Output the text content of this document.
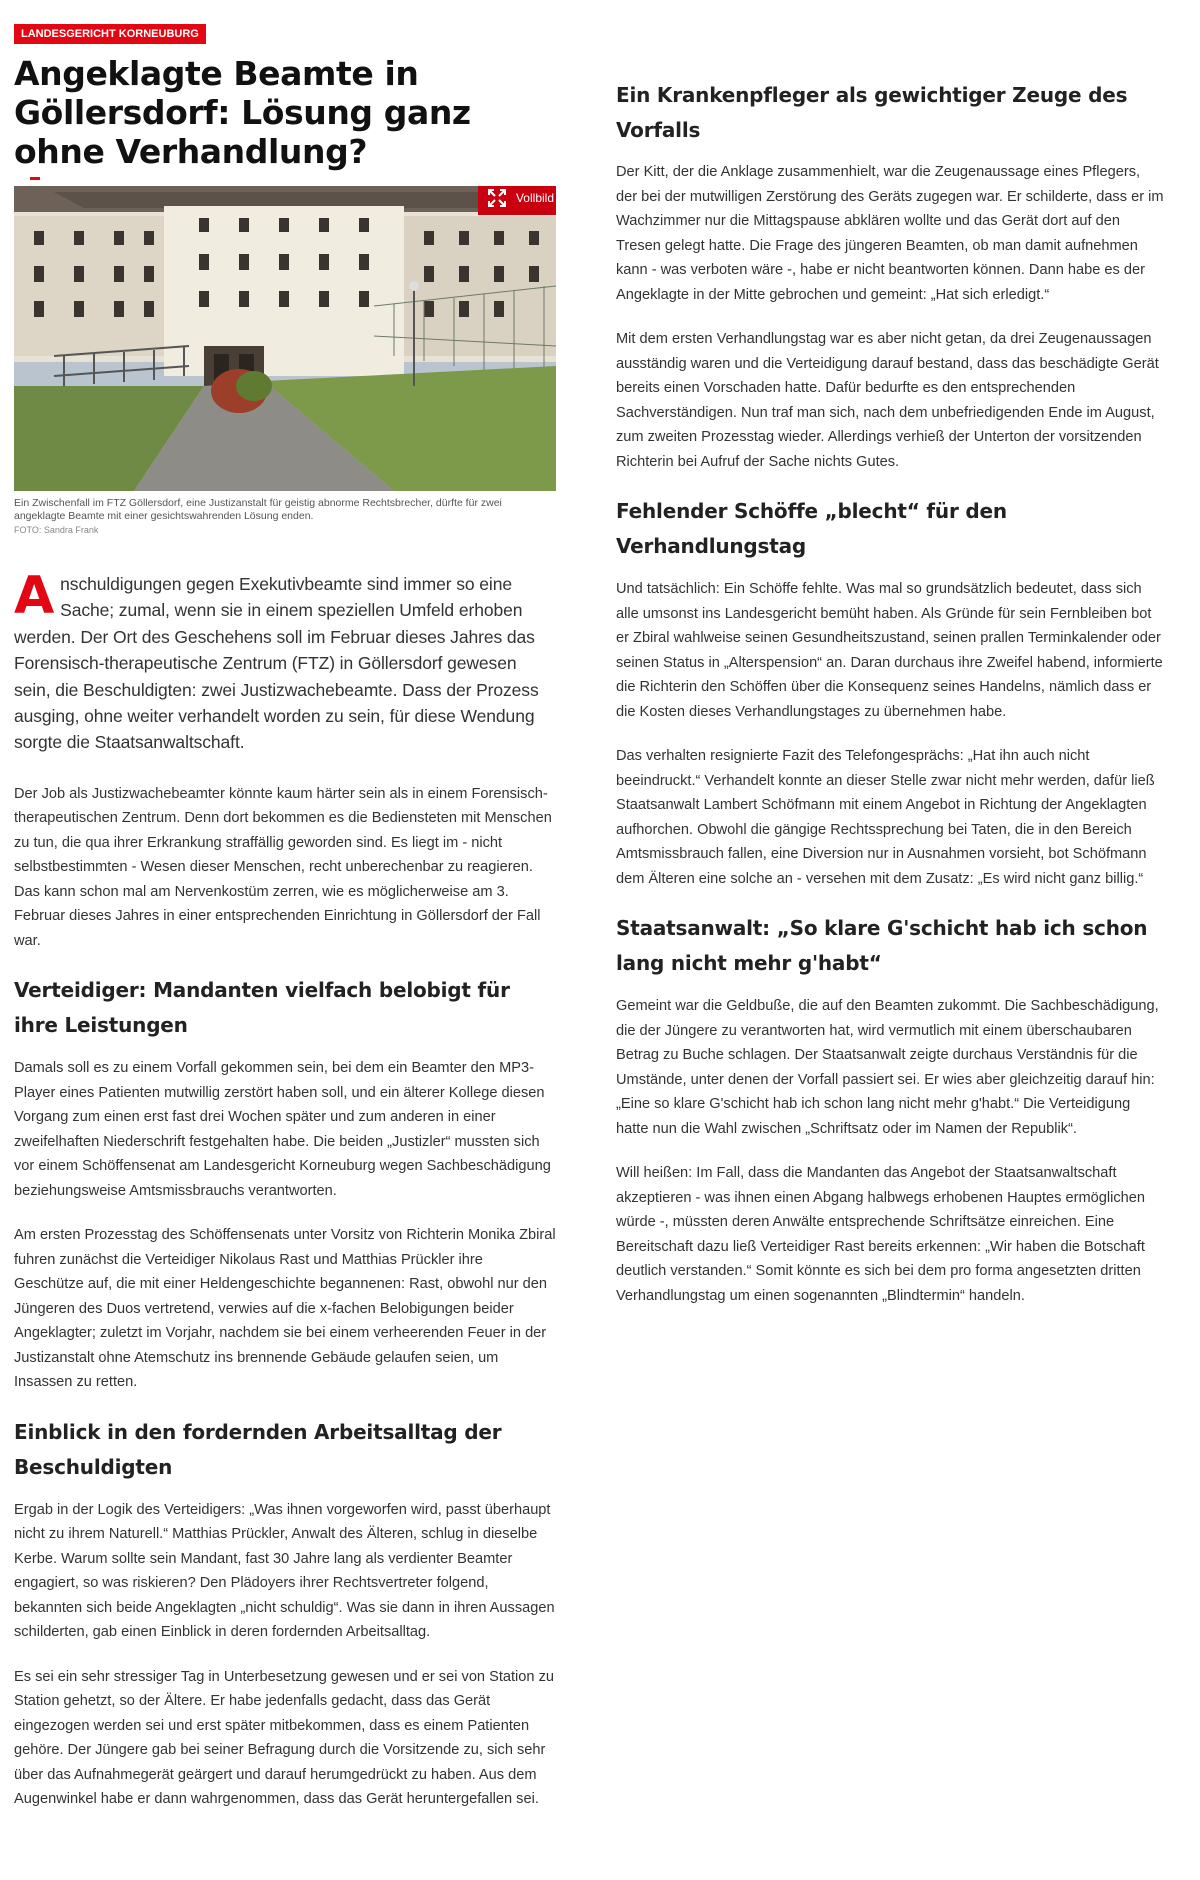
LANDESGERICHT KORNEUBURG
Angeklagte Beamte in Göllersdorf: Lösung ganz ohne Verhandlung?
Vollbild

Ein Zwischenfall im FTZ Göllersdorf, eine Justizanstalt für geistig abnorme Rechtsbrecher, dürfte für zwei angeklagte Beamte mit einer gesichtswahrenden Lösung enden.

FOTO: Sandra Frank

Anschuldigungen gegen Exekutivbeamte sind immer so eine Sache; zumal, wenn sie in einem speziellen Umfeld erhoben werden. Der Ort des Geschehens soll im Februar dieses Jahres das Forensisch-therapeutische Zentrum (FTZ) in Göllersdorf gewesen sein, die Beschuldigten: zwei Justizwachebeamte. Dass der Prozess ausging, ohne weiter verhandelt worden zu sein, für diese Wendung sorgte die Staatsanwaltschaft.

Der Job als Justizwachebeamter könnte kaum härter sein als in einem Forensisch-therapeutischen Zentrum. Denn dort bekommen es die Bediensteten mit Menschen zu tun, die qua ihrer Erkrankung straffällig geworden sind. Es liegt im - nicht selbstbestimmten - Wesen dieser Menschen, recht unberechenbar zu reagieren. Das kann schon mal am Nervenkostüm zerren, wie es möglicherweise am 3. Februar dieses Jahres in einer entsprechenden Einrichtung in Göllersdorf der Fall war.

Verteidiger: Mandanten vielfach belobigt für ihre Leistungen

Damals soll es zu einem Vorfall gekommen sein, bei dem ein Beamter den MP3-Player eines Patienten mutwillig zerstört haben soll, und ein älterer Kollege diesen Vorgang zum einen erst fast drei Wochen später und zum anderen in einer zweifelhaften Niederschrift festgehalten habe. Die beiden „Justizler“ mussten sich vor einem Schöffensenat am Landesgericht Korneuburg wegen Sachbeschädigung beziehungsweise Amtsmissbrauchs verantworten.

Am ersten Prozesstag des Schöffensenats unter Vorsitz von Richterin Monika Zbiral fuhren zunächst die Verteidiger Nikolaus Rast und Matthias Prückler ihre Geschütze auf, die mit einer Heldengeschichte begannenen: Rast, obwohl nur den Jüngeren des Duos vertretend, verwies auf die x-fachen Belobigungen beider Angeklagter; zuletzt im Vorjahr, nachdem sie bei einem verheerenden Feuer in der Justizanstalt ohne Atemschutz ins brennende Gebäude gelaufen seien, um Insassen zu retten.

Einblick in den fordernden Arbeitsalltag der Beschuldigten

Ergab in der Logik des Verteidigers: „Was ihnen vorgeworfen wird, passt überhaupt nicht zu ihrem Naturell.“ Matthias Prückler, Anwalt des Älteren, schlug in dieselbe Kerbe. Warum sollte sein Mandant, fast 30 Jahre lang als verdienter Beamter engagiert, so was riskieren? Den Plädoyers ihrer Rechtsvertreter folgend, bekannten sich beide Angeklagten „nicht schuldig“. Was sie dann in ihren Aussagen schilderten, gab einen Einblick in deren fordernden Arbeitsalltag.

Es sei ein sehr stressiger Tag in Unterbesetzung gewesen und er sei von Station zu Station gehetzt, so der Ältere. Er habe jedenfalls gedacht, dass das Gerät eingezogen werden sei und erst später mitbekommen, dass es einem Patienten gehöre. Der Jüngere gab bei seiner Befragung durch die Vorsitzende zu, sich sehr über das Aufnahmegerät geärgert und darauf herumgedrückt zu haben. Aus dem Augenwinkel habe er dann wahrgenommen, dass das Gerät heruntergefallen sei.

Ein Krankenpfleger als gewichtiger Zeuge des Vorfalls

Der Kitt, der die Anklage zusammenhielt, war die Zeugenaussage eines Pflegers, der bei der mutwilligen Zerstörung des Geräts zugegen war. Er schilderte, dass er im Wachzimmer nur die Mittagspause abklären wollte und das Gerät dort auf den Tresen gelegt hatte. Die Frage des jüngeren Beamten, ob man damit aufnehmen kann - was verboten wäre -, habe er nicht beantworten können. Dann habe es der Angeklagte in der Mitte gebrochen und gemeint: „Hat sich erledigt.“

Mit dem ersten Verhandlungstag war es aber nicht getan, da drei Zeugenaussagen ausständig waren und die Verteidigung darauf bestand, dass das beschädigte Gerät bereits einen Vorschaden hatte. Dafür bedurfte es den entsprechenden Sachverständigen. Nun traf man sich, nach dem unbefriedigenden Ende im August, zum zweiten Prozesstag wieder. Allerdings verhieß der Unterton der vorsitzenden Richterin bei Aufruf der Sache nichts Gutes.

Fehlender Schöffe „blecht“ für den Verhandlungstag

Und tatsächlich: Ein Schöffe fehlte. Was mal so grundsätzlich bedeutet, dass sich alle umsonst ins Landesgericht bemüht haben. Als Gründe für sein Fernbleiben bot er Zbiral wahlweise seinen Gesundheitszustand, seinen prallen Terminkalender oder seinen Status in „Alterspension“ an. Daran durchaus ihre Zweifel habend, informierte die Richterin den Schöffen über die Konsequenz seines Handelns, nämlich dass er die Kosten dieses Verhandlungstages zu übernehmen habe.

Das verhalten resignierte Fazit des Telefongesprächs: „Hat ihn auch nicht beeindruckt.“ Verhandelt konnte an dieser Stelle zwar nicht mehr werden, dafür ließ Staatsanwalt Lambert Schöfmann mit einem Angebot in Richtung der Angeklagten aufhorchen. Obwohl die gängige Rechtssprechung bei Taten, die in den Bereich Amtsmissbrauch fallen, eine Diversion nur in Ausnahmen vorsieht, bot Schöfmann dem Älteren eine solche an - versehen mit dem Zusatz: „Es wird nicht ganz billig.“

Staatsanwalt: „So klare G'schicht hab ich schon lang nicht mehr g'habt“

Gemeint war die Geldbuße, die auf den Beamten zukommt. Die Sachbeschädigung, die der Jüngere zu verantworten hat, wird vermutlich mit einem überschaubaren Betrag zu Buche schlagen. Der Staatsanwalt zeigte durchaus Verständnis für die Umstände, unter denen der Vorfall passiert sei. Er wies aber gleichzeitig darauf hin: „Eine so klare G'schicht hab ich schon lang nicht mehr g'habt.“ Die Verteidigung hatte nun die Wahl zwischen „Schriftsatz oder im Namen der Republik“.

Will heißen: Im Fall, dass die Mandanten das Angebot der Staatsanwaltschaft akzeptieren - was ihnen einen Abgang halbwegs erhobenen Hauptes ermöglichen würde -, müssten deren Anwälte entsprechende Schriftsätze einreichen. Eine Bereitschaft dazu ließ Verteidiger Rast bereits erkennen: „Wir haben die Botschaft deutlich verstanden.“ Somit könnte es sich bei dem pro forma angesetzten dritten Verhandlungstag um einen sogenannten „Blindtermin“ handeln.
